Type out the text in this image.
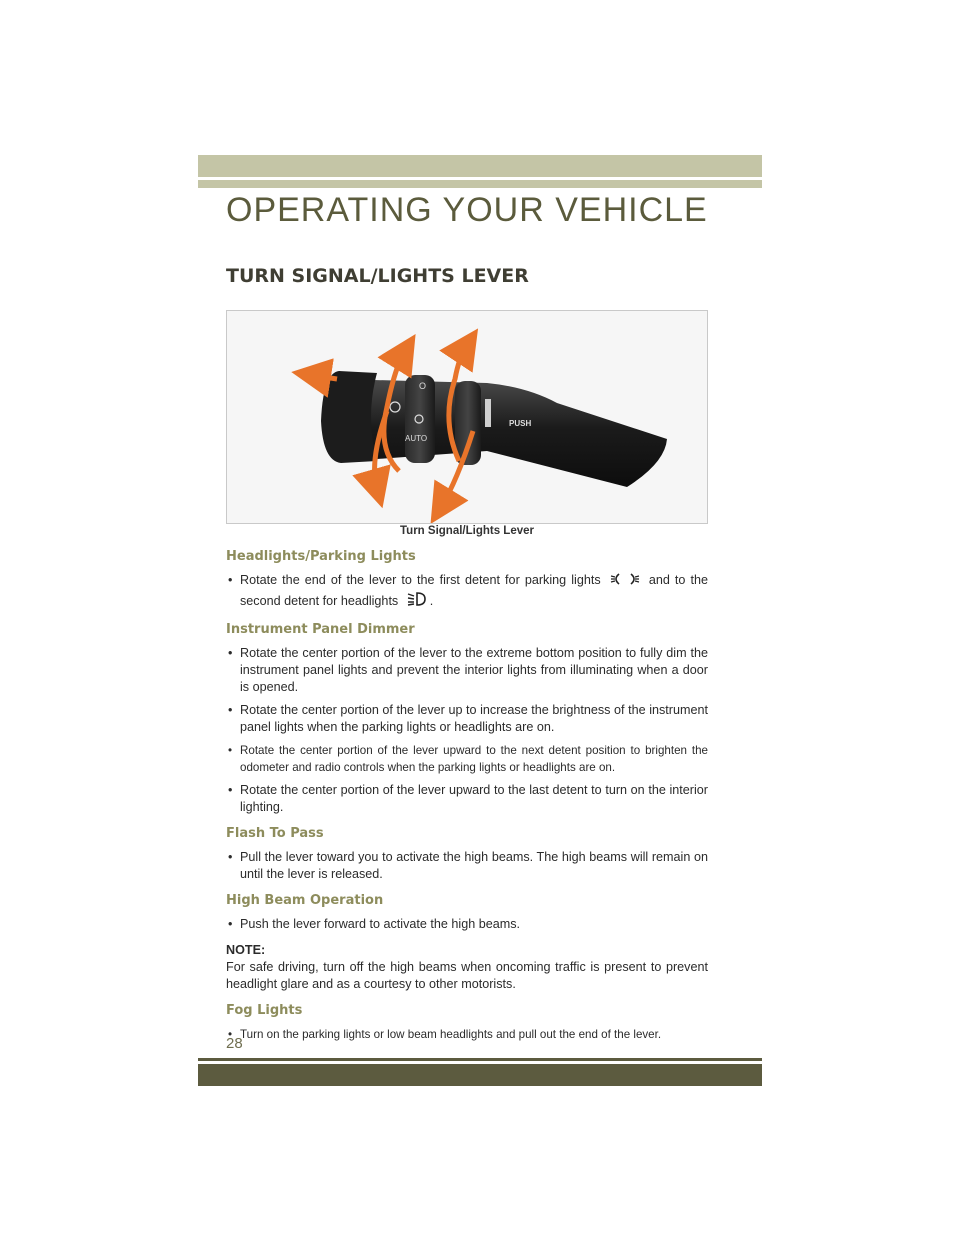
OPERATING YOUR VEHICLE
TURN SIGNAL/LIGHTS LEVER
O
AUTO
PUSH
Turn Signal/Lights Lever
Headlights/Parking Lights
• Rotate the end of the lever to the first detent for parking lights	and to the second detent for headlights	.
Instrument Panel Dimmer
• Rotate the center portion of the lever to the extreme bottom position to fully dim the instrument panel lights and prevent the interior lights from illuminating when a door is opened.
• Rotate the center portion of the lever up to increase the brightness of the instrument panel lights when the parking lights or headlights are on.
• Rotate the center portion of the lever upward to the next detent position to brighten the odometer and radio controls when the parking lights or headlights are on.
• Rotate the center portion of the lever upward to the last detent to turn on the interior lighting.
Flash To Pass
• Pull the lever toward you to activate the high beams. The high beams will remain on until the lever is released.
High Beam Operation
• Push the lever forward to activate the high beams.

NOTE:

For safe driving, turn off the high beams when oncoming traffic is present to prevent headlight glare and as a courtesy to other motorists.

Fog Lights
• Turn on the parking lights or low beam headlights and pull out the end of the lever.
28
